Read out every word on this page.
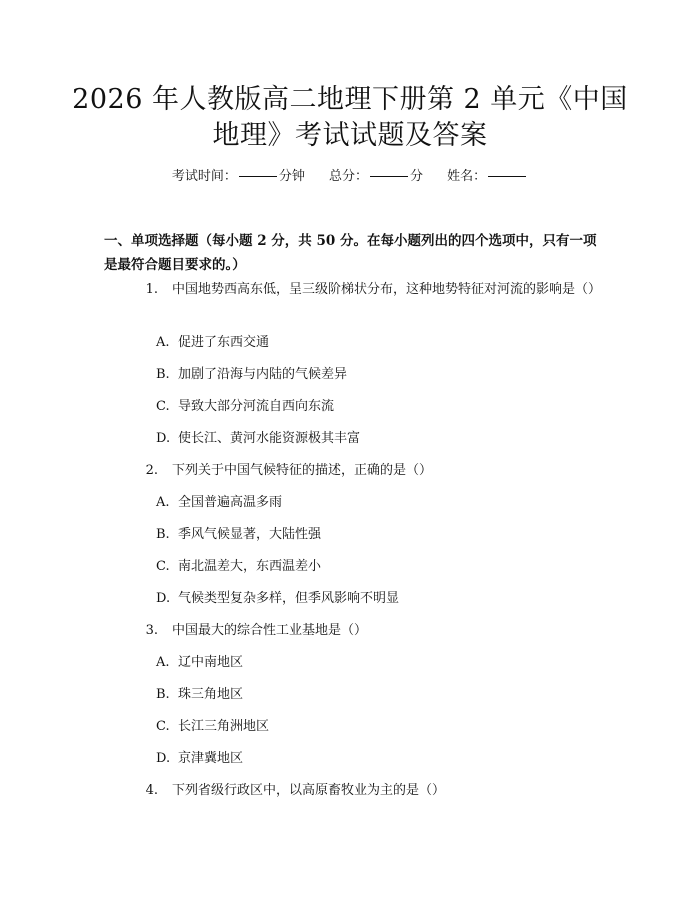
2026 年人教版高二地理下册第 2 单元《中国
地理》考试试题及答案
考试时间：	分钟 总分：	分 姓名：

一、单项选择题（每小题 2 分，共 50 分。在每小题列出的四个选项中，只有一项是最符合题目要求的。）

1. 中国地势西高东低，呈三级阶梯状分布，这种地势特征对河流的影响是（）

A. 促进了东西交通

B. 加剧了沿海与内陆的气候差异

C. 导致大部分河流自西向东流

D. 使长江、黄河水能资源极其丰富

2. 下列关于中国气候特征的描述，正确的是（）

A. 全国普遍高温多雨

B. 季风气候显著，大陆性强

C. 南北温差大，东西温差小

D. 气候类型复杂多样，但季风影响不明显

3. 中国最大的综合性工业基地是（）

A. 辽中南地区

B. 珠三角地区

C. 长江三角洲地区

D. 京津冀地区

4. 下列省级行政区中，以高原畜牧业为主的是（）
